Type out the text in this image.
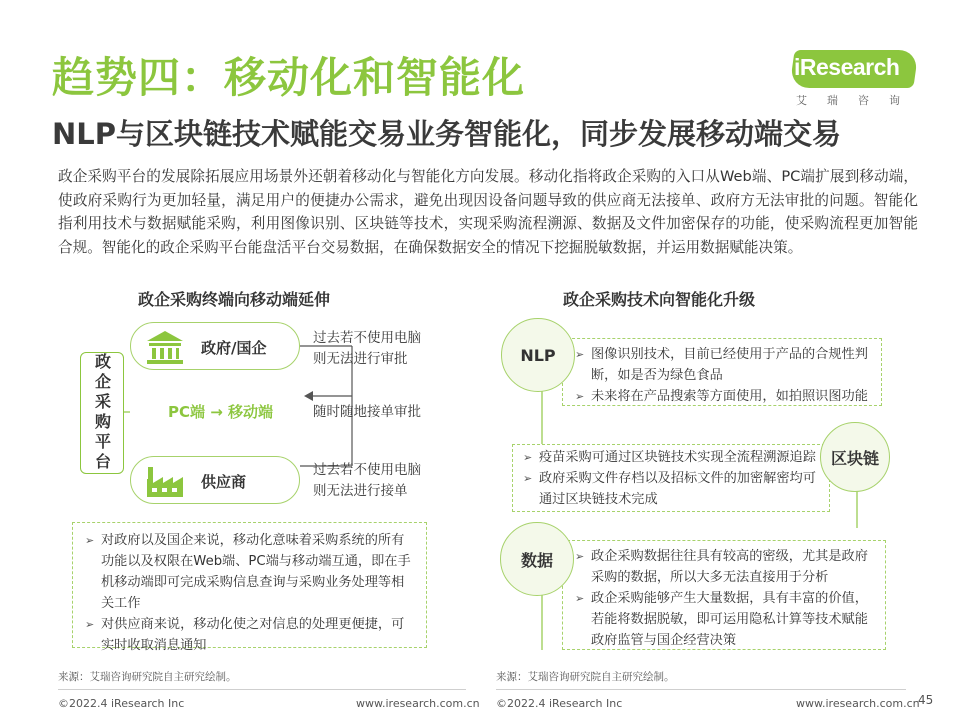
趋势四：移动化和智能化
NLP与区块链技术赋能交易业务智能化，同步发展移动端交易
iResearch
艾瑞咨询
政企采购平台的发展除拓展应用场景外还朝着移动化与智能化方向发展。移动化指将政企采购的入口从Web端、PC端扩展到移动端，使政府采购行为更加轻量，满足用户的便捷办公需求，避免出现因设备问题导致的供应商无法接单、政府方无法审批的问题。智能化指利用技术与数据赋能采购，利用图像识别、区块链等技术，实现采购流程溯源、数据及文件加密保存的功能，使采购流程更加智能合规。智能化的政企采购平台能盘活平台交易数据，在确保数据安全的情况下挖掘脱敏数据，并运用数据赋能决策。
政企采购终端向移动端延伸	政企采购技术向智能化升级
政企采购平台
政府/国企
供应商
PC端 → 移动端
过去若不使用电脑
则无法进行审批
随时随地接单审批
过去若不使用电脑
则无法进行接单
➢ 对政府以及国企来说，移动化意味着采购系统的所有功能以及权限在Web端、PC端与移动端互通，即在手机移动端即可完成采购信息查询与采购业务处理等相关工作
➢ 对供应商来说，移动化使之对信息的处理更便捷，可实时收取消息通知
➢ 图像识别技术，目前已经使用于产品的合规性判断，如是否为绿色食品
➢ 未来将在产品搜索等方面使用，如拍照识图功能
NLP
➢ 疫苗采购可通过区块链技术实现全流程溯源追踪
➢ 政府采购文件存档以及招标文件的加密解密均可通过区块链技术完成
区块链
➢ 政企采购数据往往具有较高的密级，尤其是政府采购的数据，所以大多无法直接用于分析
➢ 政企采购能够产生大量数据，具有丰富的价值，若能将数据脱敏，即可运用隐私计算等技术赋能政府监管与国企经营决策
数据
来源：艾瑞咨询研究院自主研究绘制。	来源：艾瑞咨询研究院自主研究绘制。
©2022.4 iResearch Inc	www.iresearch.com.cn ©2022.4 iResearch Inc	www.iresearch.com.cn
45
